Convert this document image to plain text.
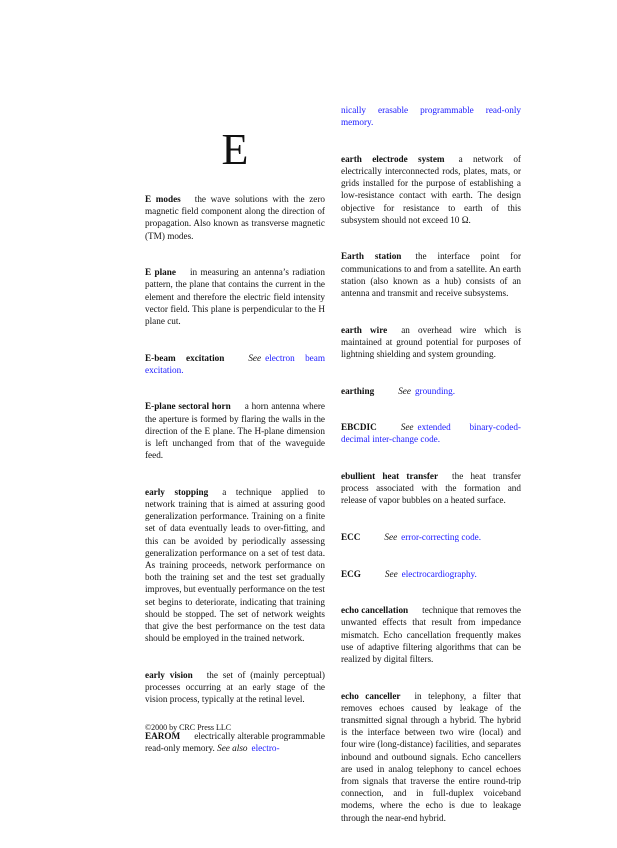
E

E modes the wave solutions with the zero magnetic field component along the direction of propagation. Also known as transverse magnetic (TM) modes.

E plane in measuring an antenna’s radiation pattern, the plane that contains the current in the element and therefore the electric field intensity vector field. This plane is perpendicular to the H plane cut.

E-beam excitation	See electron beam excitation.

E-plane sectoral horn a horn antenna where the aperture is formed by flaring the walls in the direction of the E plane. The H-plane dimension is left unchanged from that of the waveguide feed.

early stopping a technique applied to network training that is aimed at assuring good generalization performance. Training on a finite set of data eventually leads to over-fitting, and this can be avoided by periodically assessing generalization performance on a set of test data. As training proceeds, network performance on both the training set and the test set gradually improves, but eventually performance on the test set begins to deteriorate, indicating that training should be stopped. The set of network weights that give the best performance on the test data should be employed in the trained network.

early vision the set of (mainly perceptual) processes occurring at an early stage of the vision process, typically at the retinal level.

EAROM electrically alterable programmable read-only memory. See also electro-

nically erasable programmable read-only memory.

earth electrode system a network of electrically interconnected rods, plates, mats, or grids installed for the purpose of establishing a low-resistance contact with earth. The design objective for resistance to earth of this subsystem should not exceed 10 Ω.

Earth station the interface point for communications to and from a satellite. An earth station (also known as a hub) consists of an antenna and transmit and receive subsystems.

earth wire an overhead wire which is maintained at ground potential for purposes of lightning shielding and system grounding.

earthing	See grounding.

EBCDIC	See extended binary-coded-decimal inter-change code.

ebullient heat transfer the heat transfer process associated with the formation and release of vapor bubbles on a heated surface.

ECC	See error-correcting code.

ECG	See electrocardiography.

echo cancellation technique that removes the unwanted effects that result from impedance mismatch. Echo cancellation frequently makes use of adaptive filtering algorithms that can be realized by digital filters.

echo canceller in telephony, a filter that removes echoes caused by leakage of the transmitted signal through a hybrid. The hybrid is the interface between two wire (local) and four wire (long-distance) facilities, and separates inbound and outbound signals. Echo cancellers are used in analog telephony to cancel echoes from signals that traverse the entire round-trip connection, and in full-duplex voiceband modems, where the echo is due to leakage through the near-end hybrid.

©2000 by CRC Press LLC
